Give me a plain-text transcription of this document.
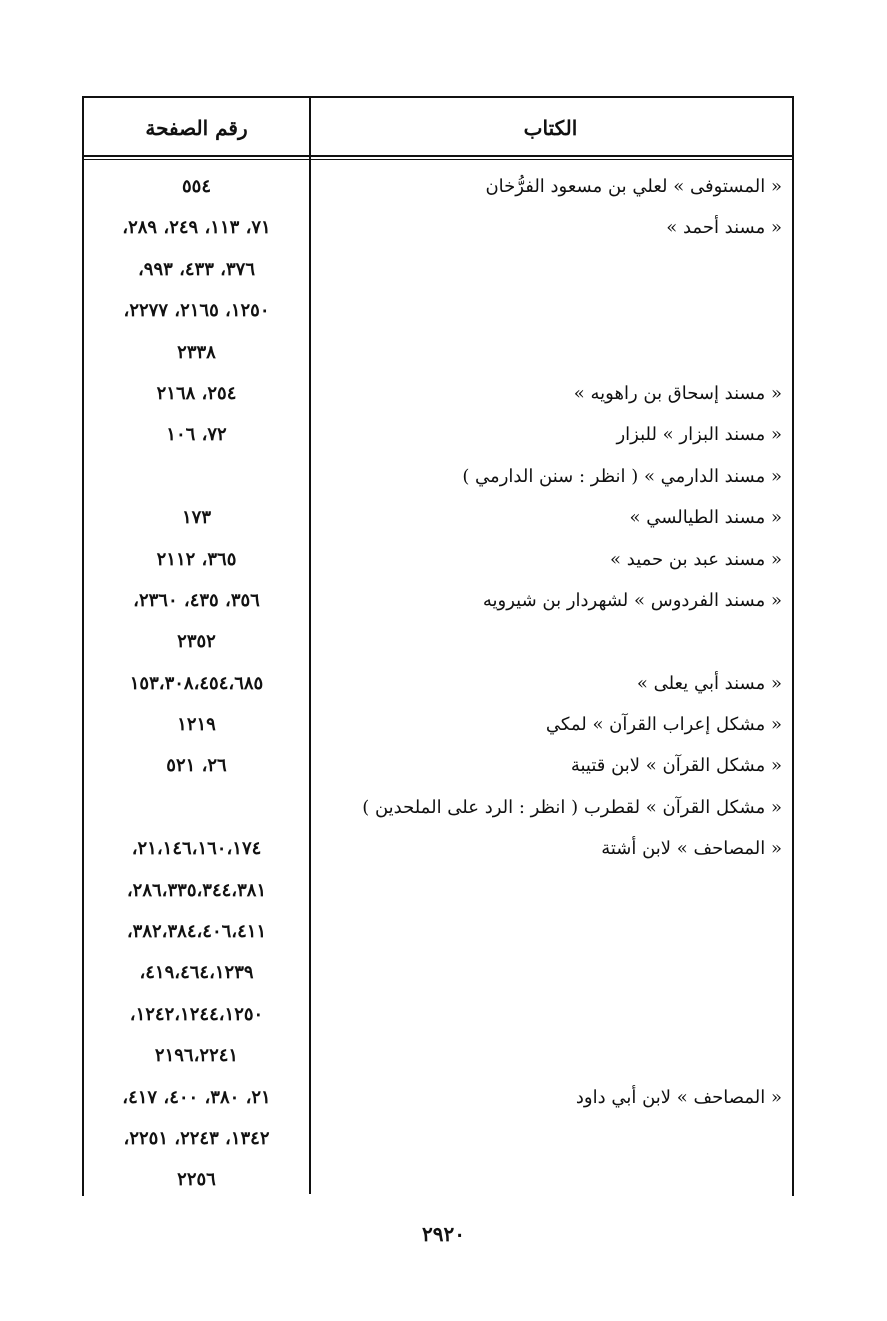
الكتاب
رقم الصفحة
« المستوفى » لعلي بن مسعود الفرُّخان
٥٥٤
« مسند أحمد »
٧١، ١١٣، ٢٤٩، ٢٨٩،
٣٧٦، ٤٣٣، ٩٩٣،
١٢٥٠، ٢١٦٥، ٢٢٧٧،
٢٣٣٨
« مسند إسحاق بن راهويه »
٢٥٤، ٢١٦٨
« مسند البزار » للبزار
٧٢، ١٠٦
« مسند الدارمي » ( انظر : سنن الدارمي )
« مسند الطيالسي »
١٧٣
« مسند عبد بن حميد »
٣٦٥، ٢١١٢
« مسند الفردوس » لشهردار بن شيرويه
٣٥٦، ٤٣٥، ٢٣٦٠،
٢٣٥٢
« مسند أبي يعلى »
١٥٣،٣٠٨،٤٥٤،٦٨٥
« مشكل إعراب القرآن » لمكي
١٢١٩
« مشكل القرآن » لابن قتيبة
٢٦، ٥٢١
« مشكل القرآن » لقطرب ( انظر : الرد على الملحدين )
« المصاحف » لابن أشتة
٢١،١٤٦،١٦٠،١٧٤،
٢٨٦،٣٣٥،٣٤٤،٣٨١،
٣٨٢،٣٨٤،٤٠٦،٤١١،
٤١٩،٤٦٤،١٢٣٩،
١٢٤٢،١٢٤٤،١٢٥٠،
٢١٩٦،٢٢٤١
« المصاحف » لابن أبي داود
٢١، ٣٨٠، ٤٠٠، ٤١٧،
١٣٤٢، ٢٢٤٣، ٢٢٥١،
٢٢٥٦
٢٩٢٠
